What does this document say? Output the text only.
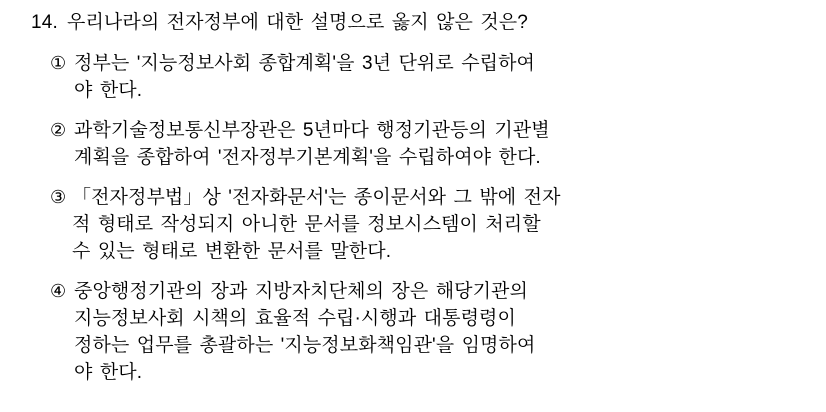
14. 우리나라의 전자정부에 대한 설명으로 옳지 않은 것은?
① 정부는 '지능정보사회 종합계획'을 3년 단위로 수립하여
야 한다.
② 과학기술정보통신부장관은 5년마다 행정기관등의 기관별
계획을 종합하여 '전자정부기본계획'을 수립하여야 한다.
③ 「전자정부법」상 '전자화문서'는 종이문서와 그 밖에 전자
적 형태로 작성되지 아니한 문서를 정보시스템이 처리할
수 있는 형태로 변환한 문서를 말한다.
④ 중앙행정기관의 장과 지방자치단체의 장은 해당기관의
지능정보사회 시책의 효율적 수립·시행과 대통령령이
정하는 업무를 총괄하는 '지능정보화책임관'을 임명하여
야 한다.
